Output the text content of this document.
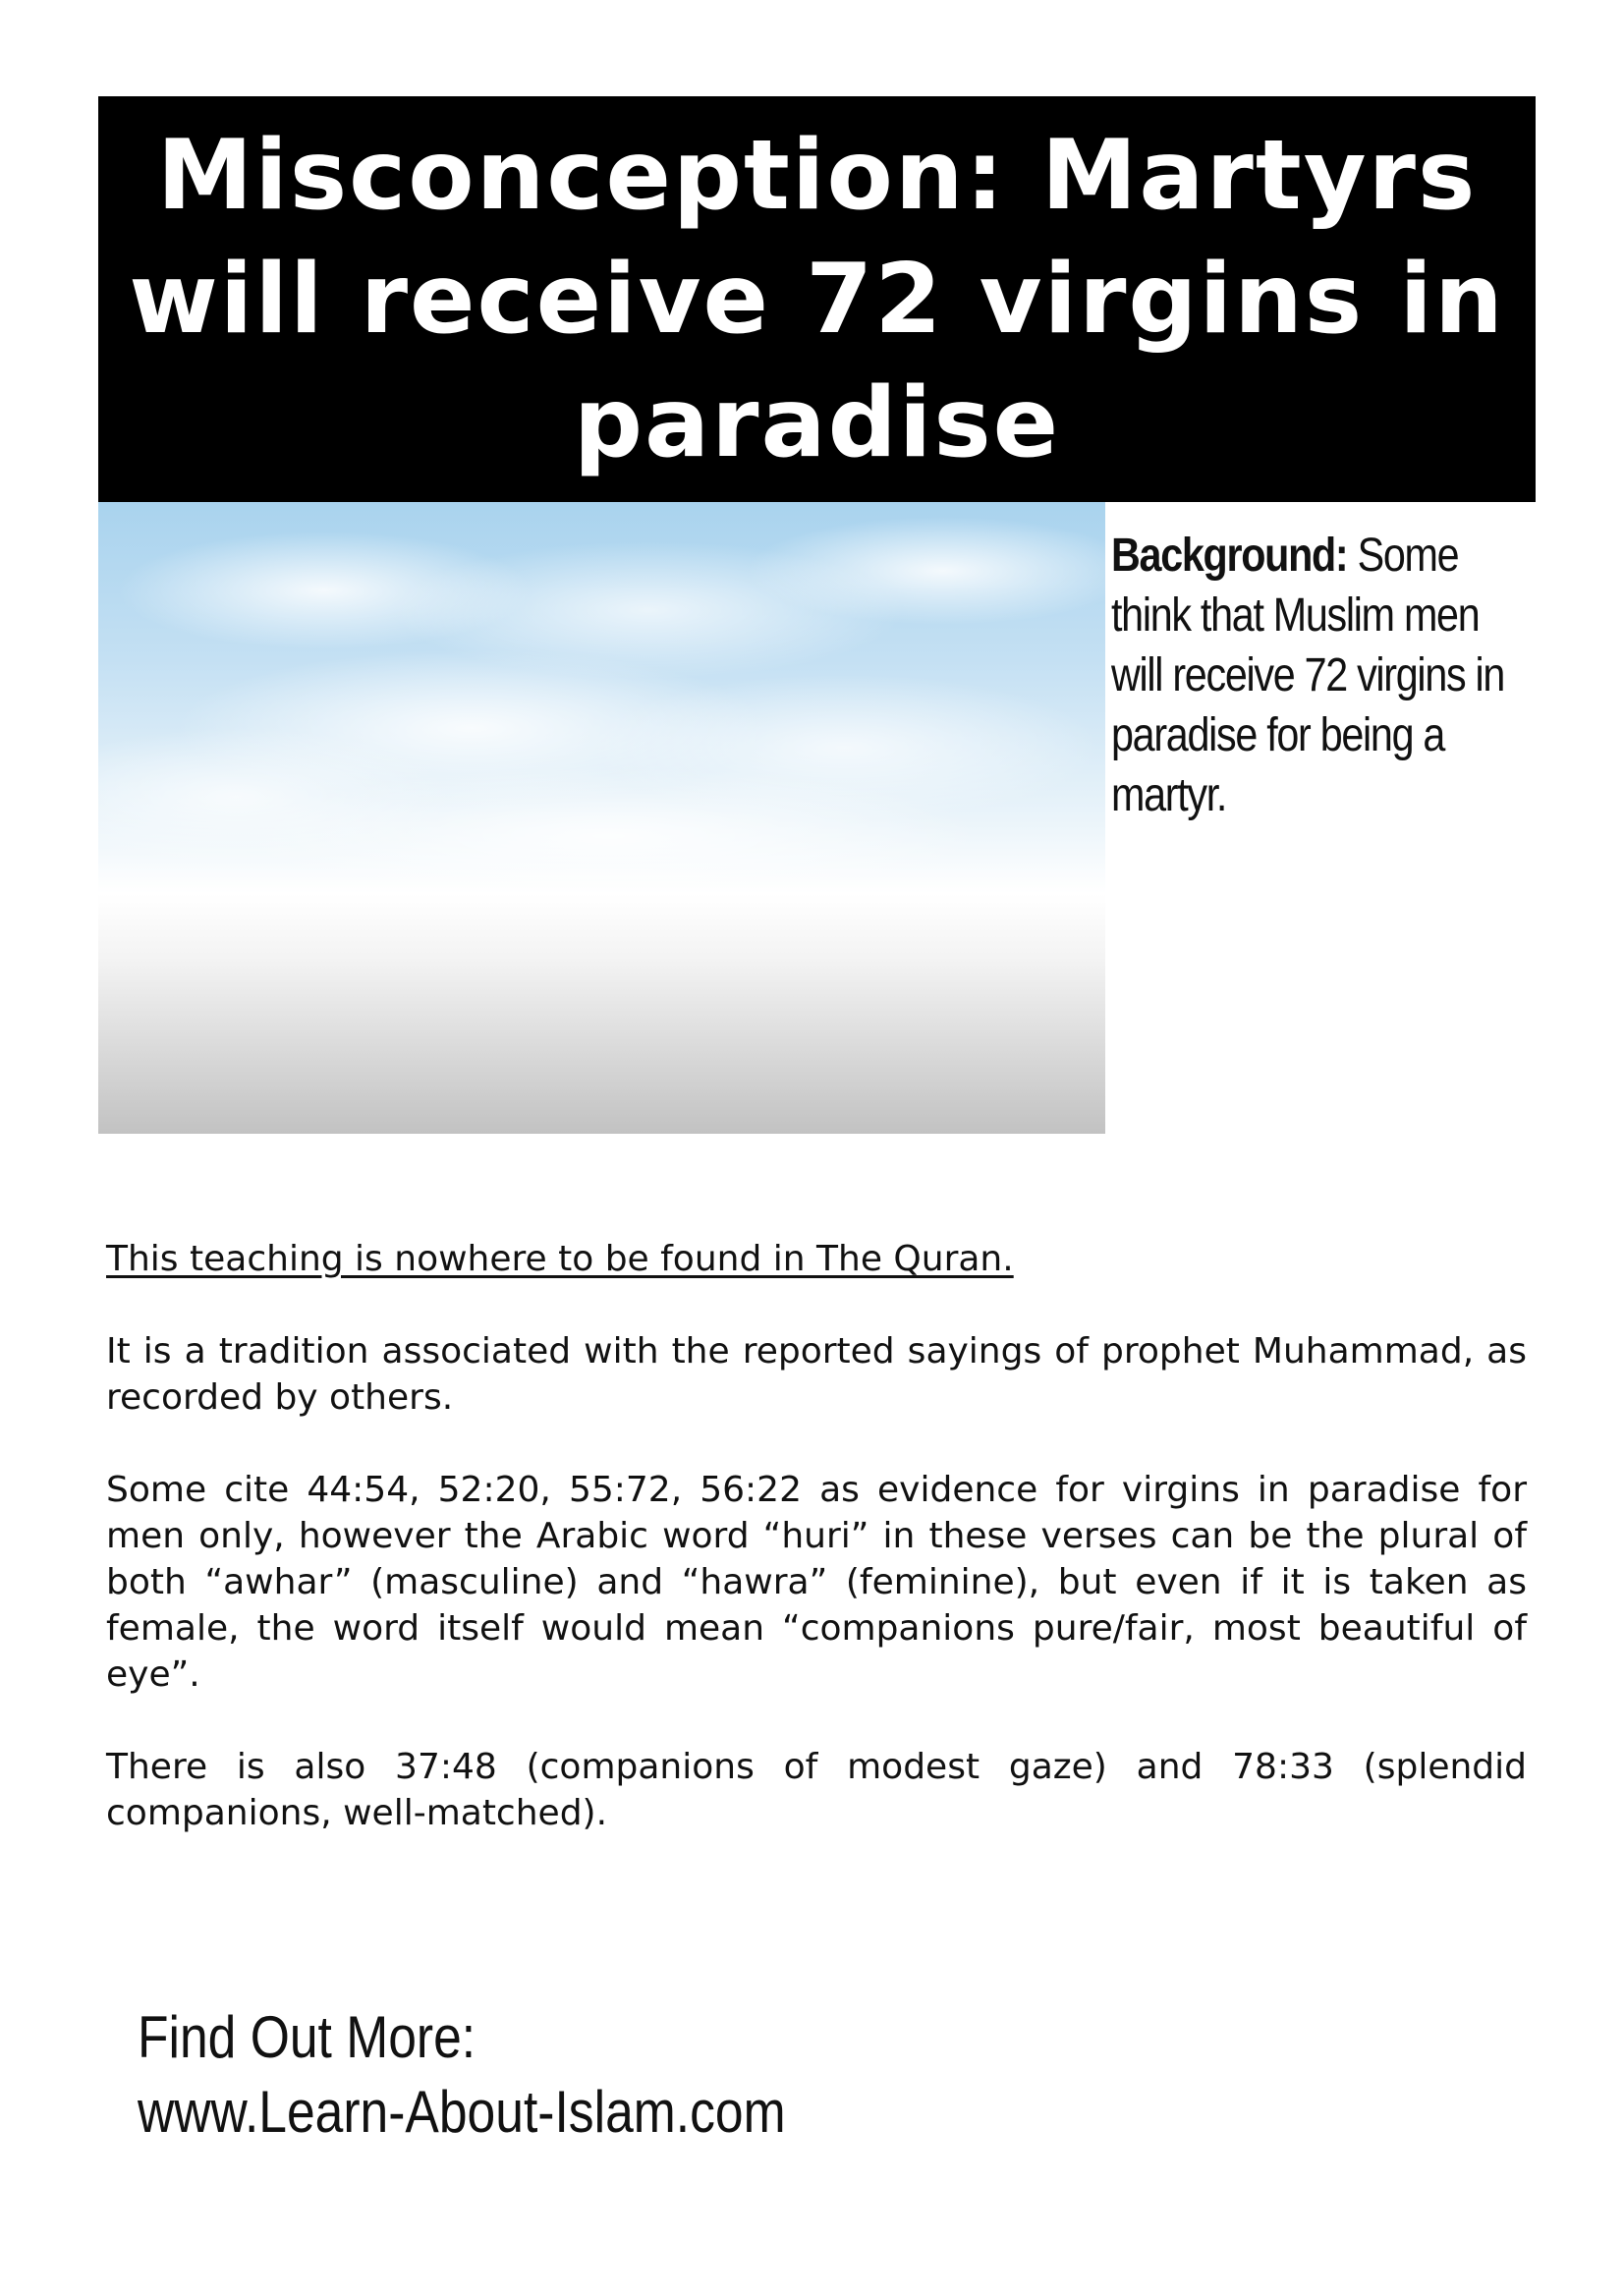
Misconception: Martyrs will receive 72 virgins in paradise
Background: Some think that Muslim men will receive 72 virgins in paradise for being a martyr.

This teaching is nowhere to be found in The Quran.

It is a tradition associated with the reported sayings of prophet Muhammad, as recorded by others.

Some cite 44:54, 52:20, 55:72, 56:22 as evidence for virgins in paradise for men only, however the Arabic word “huri” in these verses can be the plural of both “awhar” (masculine) and “hawra” (feminine), but even if it is taken as female, the word itself would mean “companions pure/fair, most beautiful of eye”.

There is also 37:48 (companions of modest gaze) and 78:33 (splendid companions, well-matched).

Find Out More:
www.Learn-About-Islam.com
